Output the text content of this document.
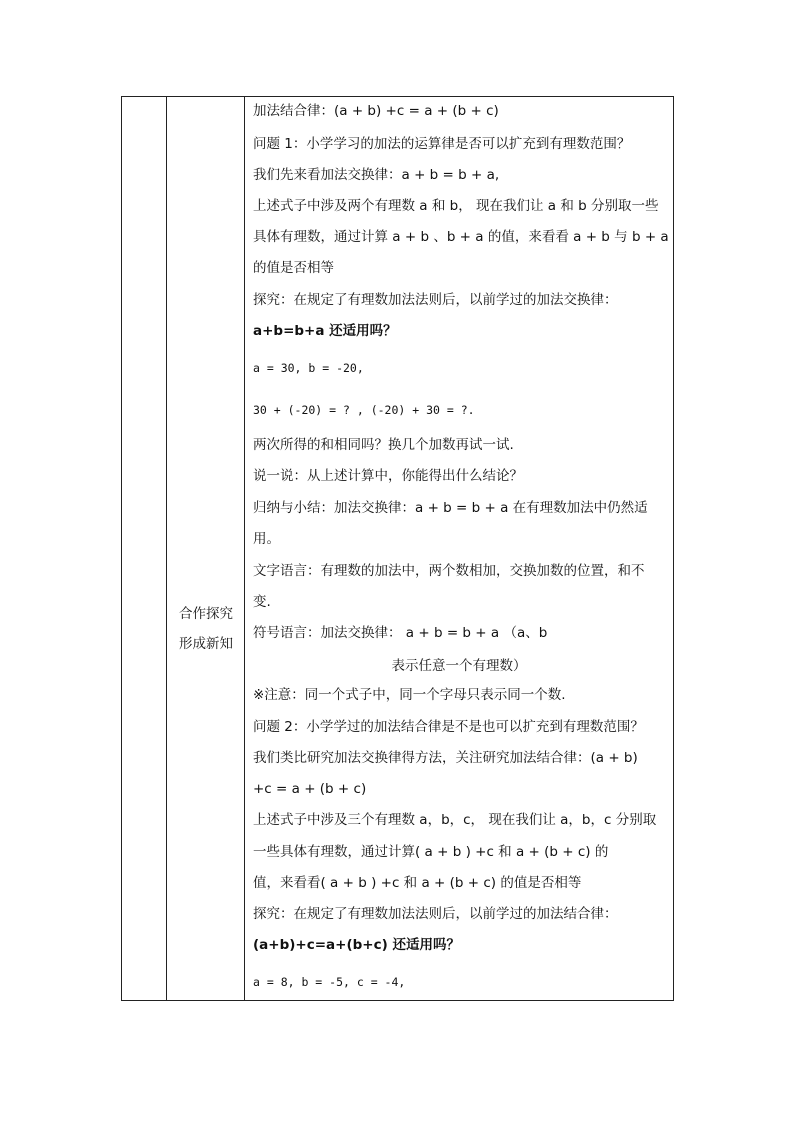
合作探究
形成新知
加法结合律：(a + b) +c = a + (b + c)
问题 1：小学学习的加法的运算律是否可以扩充到有理数范围？
我们先来看加法交换律：a + b = b + a,
上述式子中涉及两个有理数 a 和 b， 现在我们让 a 和 b 分别取一些
具体有理数，通过计算 a + b 、b + a 的值，来看看 a + b 与 b + a
的值是否相等
探究：在规定了有理数加法法则后，以前学过的加法交换律：
a+b=b+a 还适用吗？
a = 30, b = -20,
30 + (-20) = ? , (-20) + 30 = ?.
两次所得的和相同吗？换几个加数再试一试.
说一说：从上述计算中，你能得出什么结论？
归纳与小结：加法交换律：a + b = b + a 在有理数加法中仍然适
用。
文字语言：有理数的加法中，两个数相加，交换加数的位置，和不
变.
符号语言：加法交换律： a + b = b + a （a、b
表示任意一个有理数）
※注意：同一个式子中，同一个字母只表示同一个数.
问题 2：小学学过的加法结合律是不是也可以扩充到有理数范围？
我们类比研究加法交换律得方法，关注研究加法结合律：(a + b)
+c = a + (b + c)
上述式子中涉及三个有理数 a，b，c， 现在我们让 a，b，c 分别取
一些具体有理数，通过计算( a + b ) +c 和 a + (b + c) 的
值，来看看( a + b ) +c 和 a + (b + c) 的值是否相等
探究：在规定了有理数加法法则后，以前学过的加法结合律：
(a+b)+c=a+(b+c) 还适用吗？
a = 8, b = -5, c = -4,
